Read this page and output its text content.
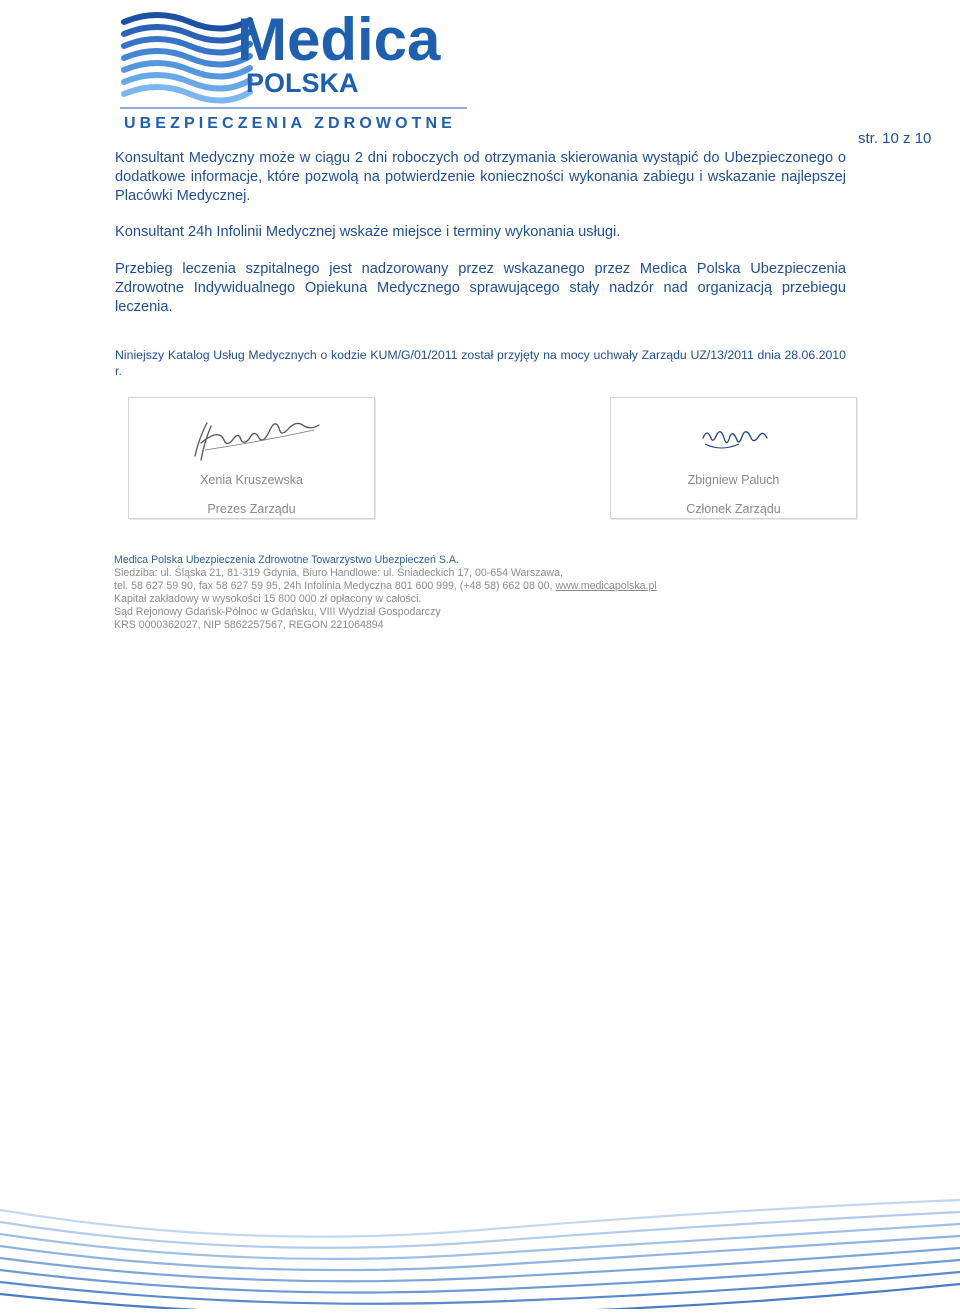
Medica
POLSKA
UBEZPIECZENIA ZDROWOTNE
str. 10 z 10
Konsultant Medyczny może w ciągu 2 dni roboczych od otrzymania skierowania wystąpić do Ubezpieczonego o dodatkowe informacje, które pozwolą na potwierdzenie konieczności wykonania zabiegu i wskazanie najlepszej Placówki Medycznej.
Konsultant 24h Infolinii Medycznej wskaże miejsce i terminy wykonania usługi.
Przebieg leczenia szpitalnego jest nadzorowany przez wskazanego przez Medica Polska Ubezpieczenia Zdrowotne Indywidualnego Opiekuna Medycznego sprawującego stały nadzór nad organizacją przebiegu leczenia.
Niniejszy Katalog Usług Medycznych o kodzie KUM/G/01/2011 został przyjęty na mocy uchwały Zarządu UZ/13/2011 dnia 28.06.2010 r.
Xenia Kruszewska
Prezes Zarządu
Zbigniew Paluch
Członek Zarządu
Medica Polska Ubezpieczenia Zdrowotne Towarzystwo Ubezpieczeń S.A.
Siedziba: ul. Śląska 21, 81-319 Gdynia, Biuro Handlowe: ul. Śniadeckich 17, 00-654 Warszawa,
tel. 58 627 59 90, fax 58 627 59 95, 24h Infolinia Medyczna 801 600 999, (+48 58) 662 08 00, www.medicapolska.pl
Kapitał zakładowy w wysokości 15 800 000 zł opłacony w całości.
Sąd Rejonowy Gdańsk-Północ w Gdańsku, VIII Wydział Gospodarczy
KRS 0000362027, NIP 5862257567, REGON 221064894
